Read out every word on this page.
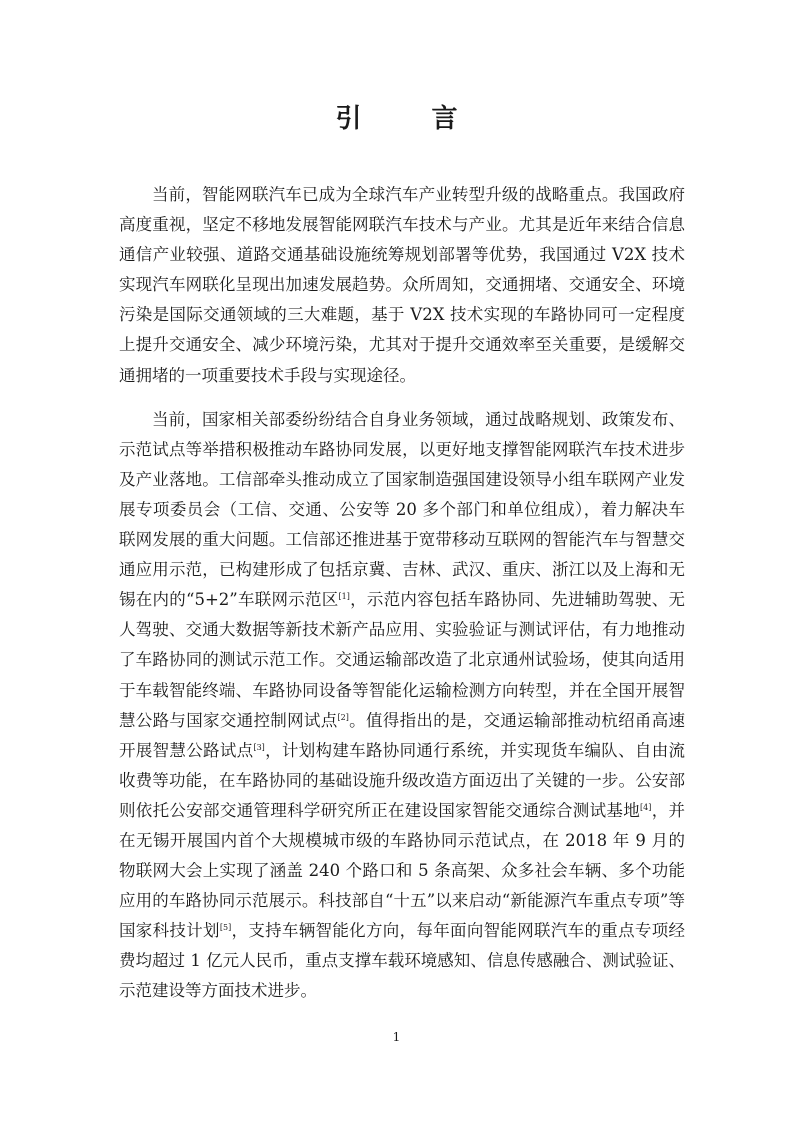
引　言

当前，智能网联汽车已成为全球汽车产业转型升级的战略重点。我国政府高度重视，坚定不移地发展智能网联汽车技术与产业。尤其是近年来结合信息通信产业较强、道路交通基础设施统筹规划部署等优势，我国通过 V2X 技术实现汽车网联化呈现出加速发展趋势。众所周知，交通拥堵、交通安全、环境污染是国际交通领域的三大难题，基于 V2X 技术实现的车路协同可一定程度上提升交通安全、减少环境污染，尤其对于提升交通效率至关重要，是缓解交通拥堵的一项重要技术手段与实现途径。

当前，国家相关部委纷纷结合自身业务领域，通过战略规划、政策发布、示范试点等举措积极推动车路协同发展，以更好地支撑智能网联汽车技术进步及产业落地。工信部牵头推动成立了国家制造强国建设领导小组车联网产业发展专项委员会（工信、交通、公安等 20 多个部门和单位组成），着力解决车联网发展的重大问题。工信部还推进基于宽带移动互联网的智能汽车与智慧交通应用示范，已构建形成了包括京冀、吉林、武汉、重庆、浙江以及上海和无锡在内的“5+2”车联网示范区[1]，示范内容包括车路协同、先进辅助驾驶、无人驾驶、交通大数据等新技术新产品应用、实验验证与测试评估，有力地推动了车路协同的测试示范工作。交通运输部改造了北京通州试验场，使其向适用于车载智能终端、车路协同设备等智能化运输检测方向转型，并在全国开展智慧公路与国家交通控制网试点[2]。值得指出的是，交通运输部推动杭绍甬高速开展智慧公路试点[3]，计划构建车路协同通行系统，并实现货车编队、自由流收费等功能，在车路协同的基础设施升级改造方面迈出了关键的一步。公安部则依托公安部交通管理科学研究所正在建设国家智能交通综合测试基地[4]，并在无锡开展国内首个大规模城市级的车路协同示范试点，在 2018 年 9 月的物联网大会上实现了涵盖 240 个路口和 5 条高架、众多社会车辆、多个功能应用的车路协同示范展示。科技部自“十五”以来启动“新能源汽车重点专项”等国家科技计划[5]，支持车辆智能化方向，每年面向智能网联汽车的重点专项经费均超过 1 亿元人民币，重点支撑车载环境感知、信息传感融合、测试验证、示范建设等方面技术进步。

1
